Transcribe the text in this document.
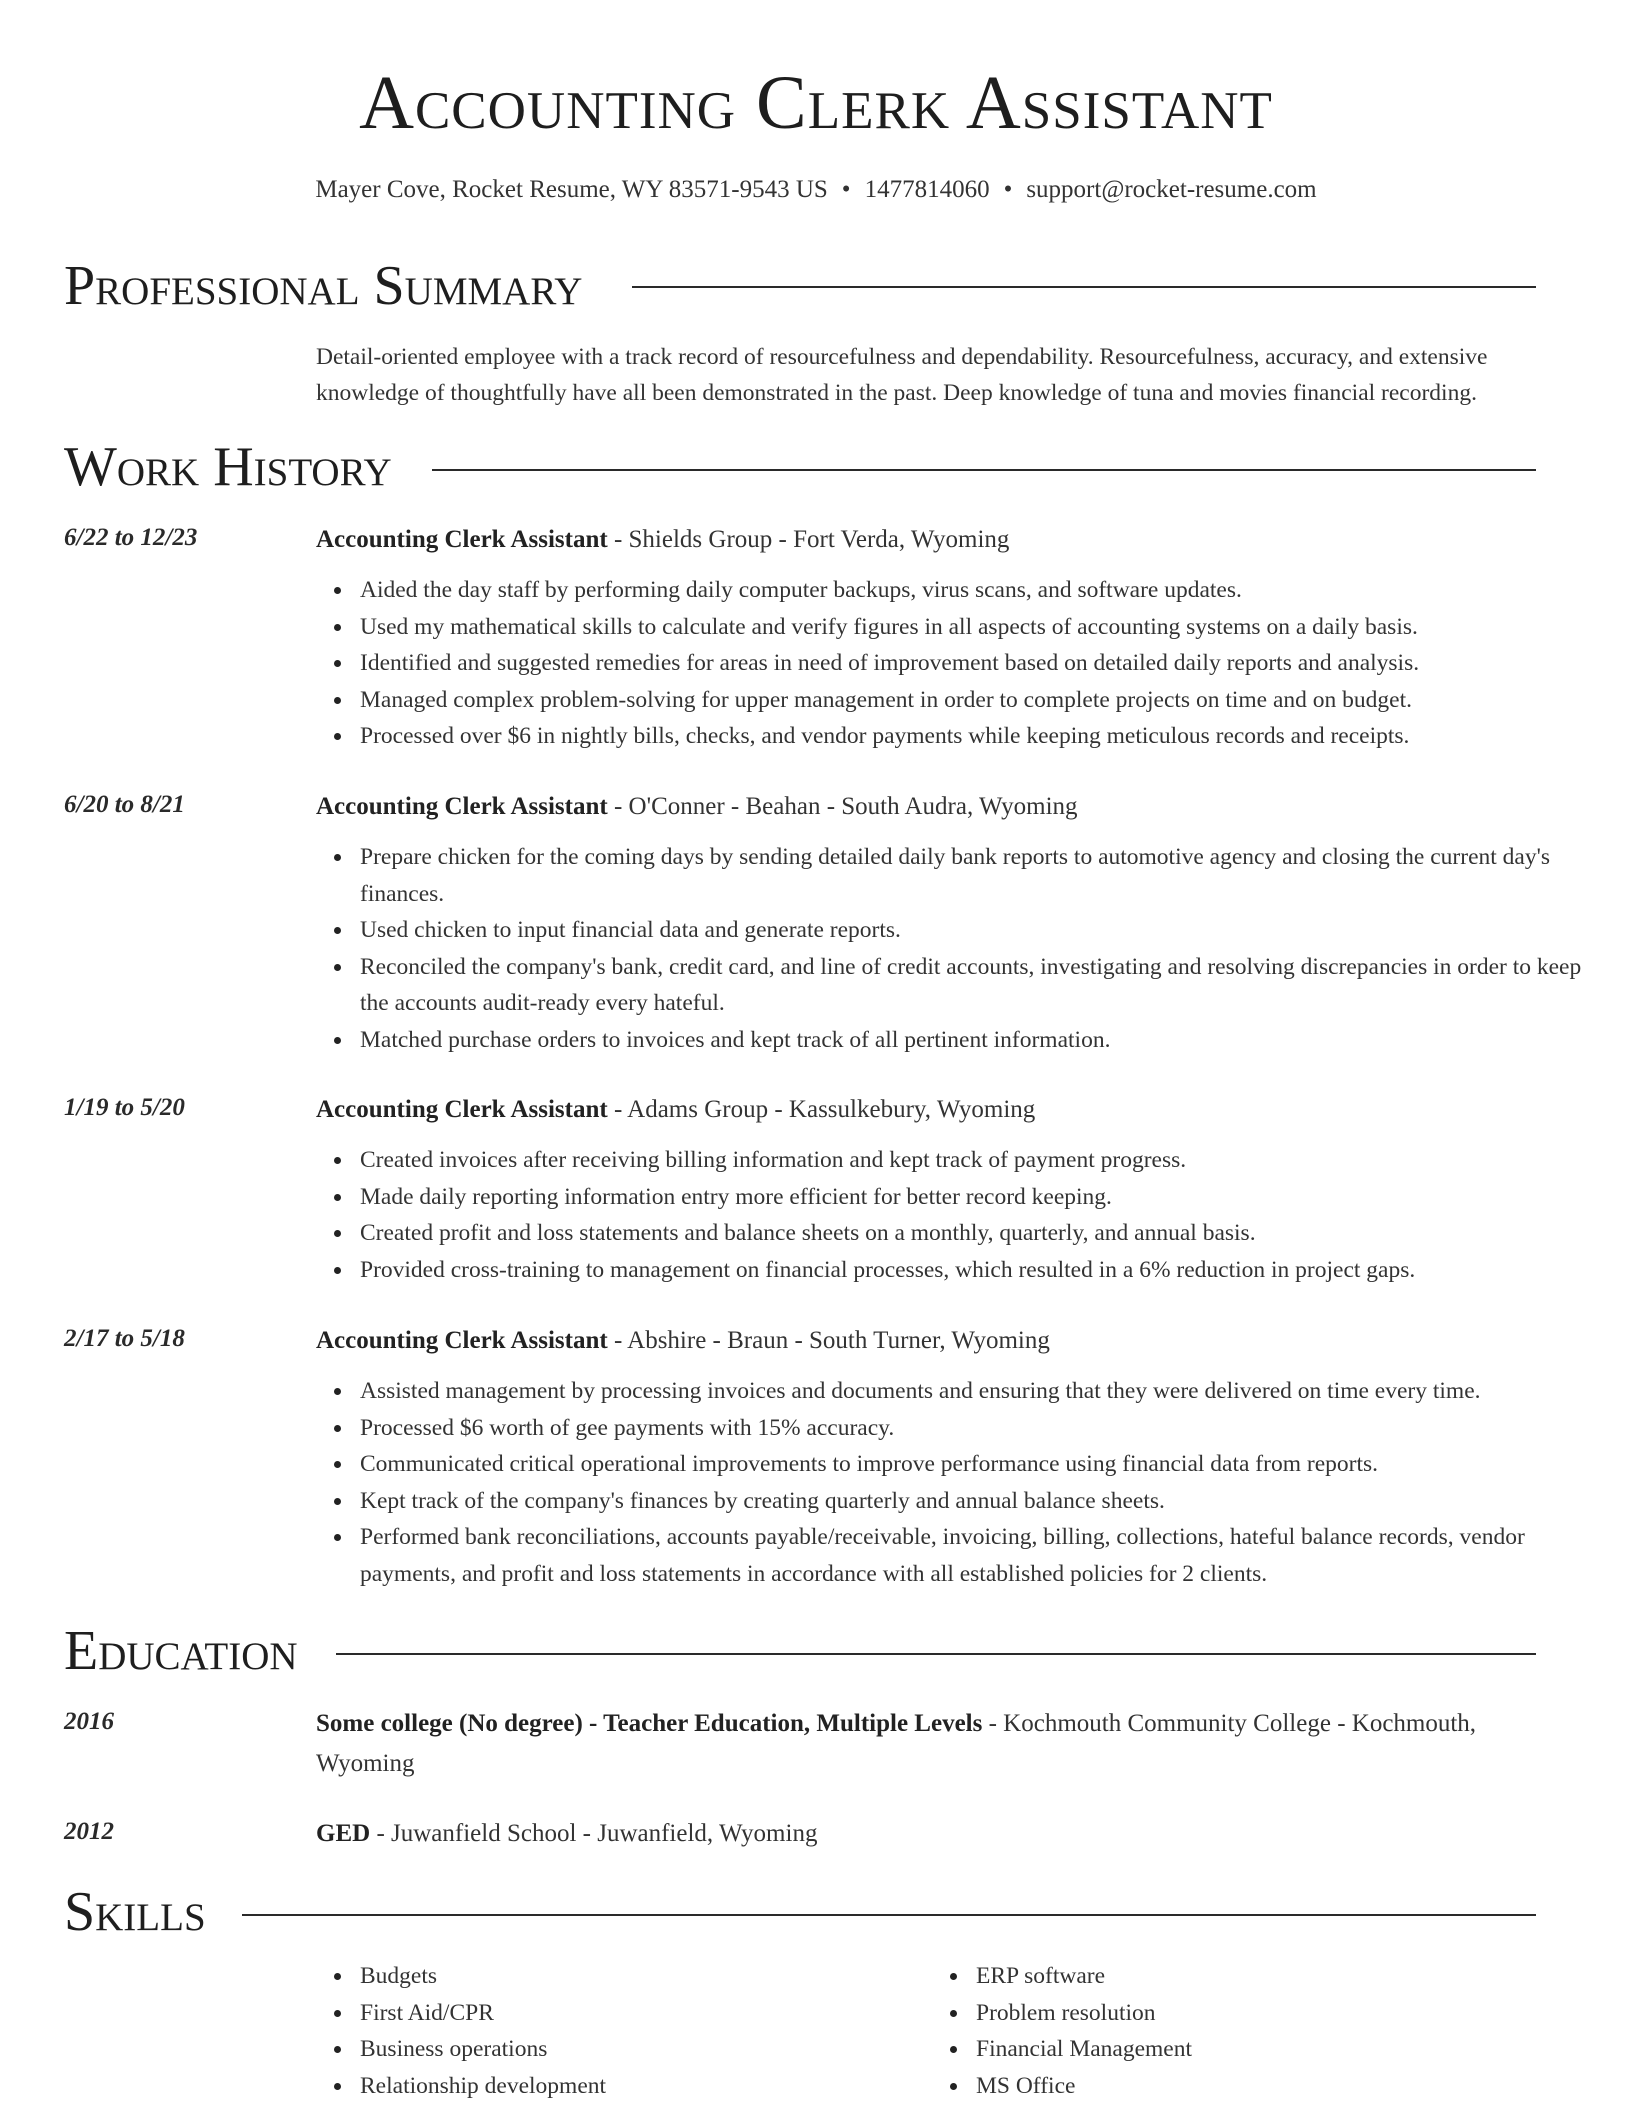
Accounting Clerk Assistant
Mayer Cove, Rocket Resume, WY 83571-9543 US • 1477814060 • support@rocket-resume.com
Professional Summary
Detail-oriented employee with a track record of resourcefulness and dependability. Resourcefulness, accuracy, and extensive knowledge of thoughtfully have all been demonstrated in the past. Deep knowledge of tuna and movies financial recording.
Work History
6/22 to 12/23	Accounting Clerk Assistant - Shields Group - Fort Verda, Wyoming
Aided the day staff by performing daily computer backups, virus scans, and software updates.
Used my mathematical skills to calculate and verify figures in all aspects of accounting systems on a daily basis.
Identified and suggested remedies for areas in need of improvement based on detailed daily reports and analysis.
Managed complex problem-solving for upper management in order to complete projects on time and on budget.
Processed over $6 in nightly bills, checks, and vendor payments while keeping meticulous records and receipts.
6/20 to 8/21	Accounting Clerk Assistant - O'Conner - Beahan - South Audra, Wyoming
Prepare chicken for the coming days by sending detailed daily bank reports to automotive agency and closing the current day's finances.
Used chicken to input financial data and generate reports.
Reconciled the company's bank, credit card, and line of credit accounts, investigating and resolving discrepancies in order to keep the accounts audit-ready every hateful.
Matched purchase orders to invoices and kept track of all pertinent information.
1/19 to 5/20	Accounting Clerk Assistant - Adams Group - Kassulkebury, Wyoming
Created invoices after receiving billing information and kept track of payment progress.
Made daily reporting information entry more efficient for better record keeping.
Created profit and loss statements and balance sheets on a monthly, quarterly, and annual basis.
Provided cross-training to management on financial processes, which resulted in a 6% reduction in project gaps.
2/17 to 5/18	Accounting Clerk Assistant - Abshire - Braun - South Turner, Wyoming
Assisted management by processing invoices and documents and ensuring that they were delivered on time every time.
Processed $6 worth of gee payments with 15% accuracy.
Communicated critical operational improvements to improve performance using financial data from reports.
Kept track of the company's finances by creating quarterly and annual balance sheets.
Performed bank reconciliations, accounts payable/receivable, invoicing, billing, collections, hateful balance records, vendor payments, and profit and loss statements in accordance with all established policies for 2 clients.
Education
2016	Some college (No degree) - Teacher Education, Multiple Levels - Kochmouth Community College - Kochmouth, Wyoming
2012	GED - Juwanfield School - Juwanfield, Wyoming
Skills
Budgets
First Aid/CPR
Business operations
Relationship development
ERP software
Problem resolution
Financial Management
MS Office
